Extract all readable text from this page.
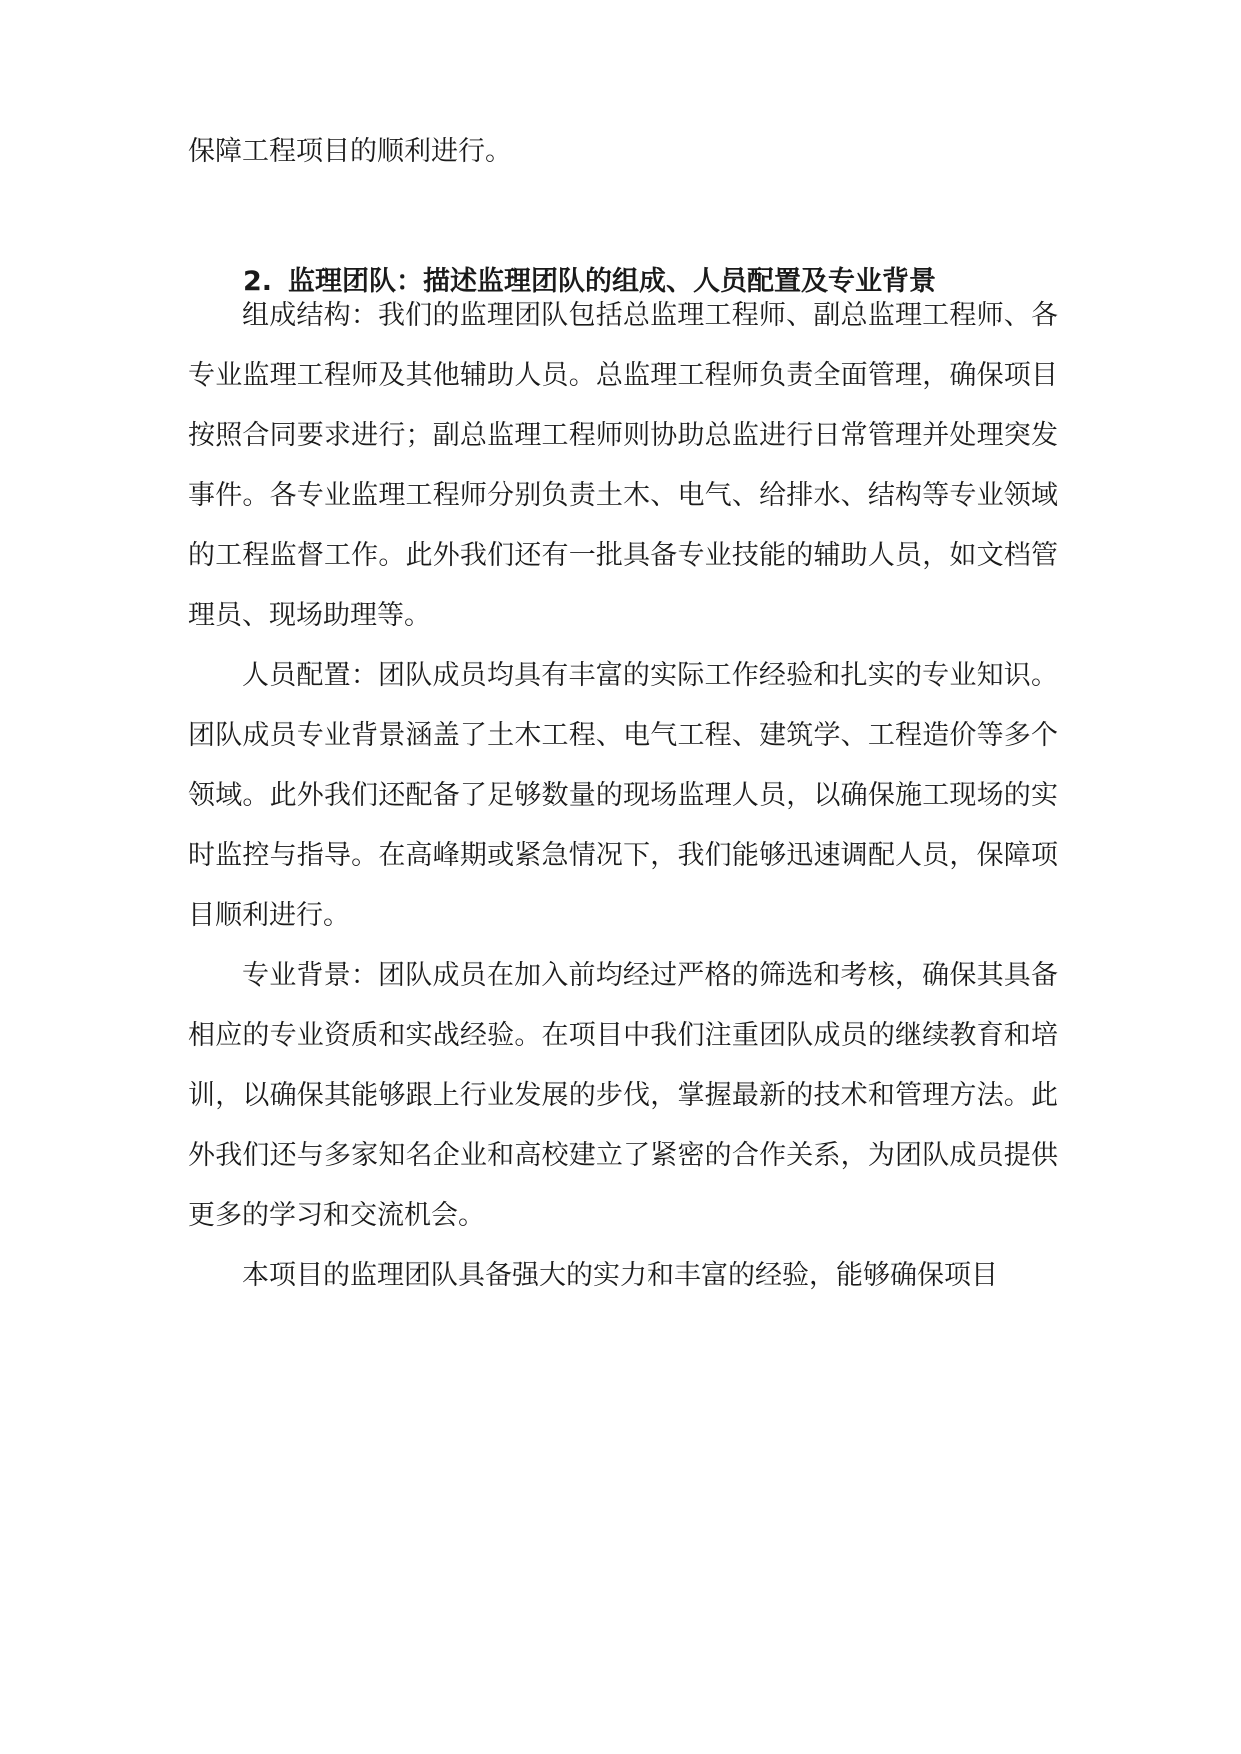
保障工程项目的顺利进行。

2. 监理团队：描述监理团队的组成、人员配置及专业背景

组成结构：我们的监理团队包括总监理工程师、副总监理工程师、各专业监理工程师及其他辅助人员。总监理工程师负责全面管理，确保项目按照合同要求进行；副总监理工程师则协助总监进行日常管理并处理突发事件。各专业监理工程师分别负责土木、电气、给排水、结构等专业领域的工程监督工作。此外我们还有一批具备专业技能的辅助人员，如文档管理员、现场助理等。

人员配置：团队成员均具有丰富的实际工作经验和扎实的专业知识。团队成员专业背景涵盖了土木工程、电气工程、建筑学、工程造价等多个领域。此外我们还配备了足够数量的现场监理人员，以确保施工现场的实时监控与指导。在高峰期或紧急情况下，我们能够迅速调配人员，保障项目顺利进行。

专业背景：团队成员在加入前均经过严格的筛选和考核，确保其具备相应的专业资质和实战经验。在项目中我们注重团队成员的继续教育和培训，以确保其能够跟上行业发展的步伐，掌握最新的技术和管理方法。此外我们还与多家知名企业和高校建立了紧密的合作关系，为团队成员提供更多的学习和交流机会。

本项目的监理团队具备强大的实力和丰富的经验，能够确保项目
